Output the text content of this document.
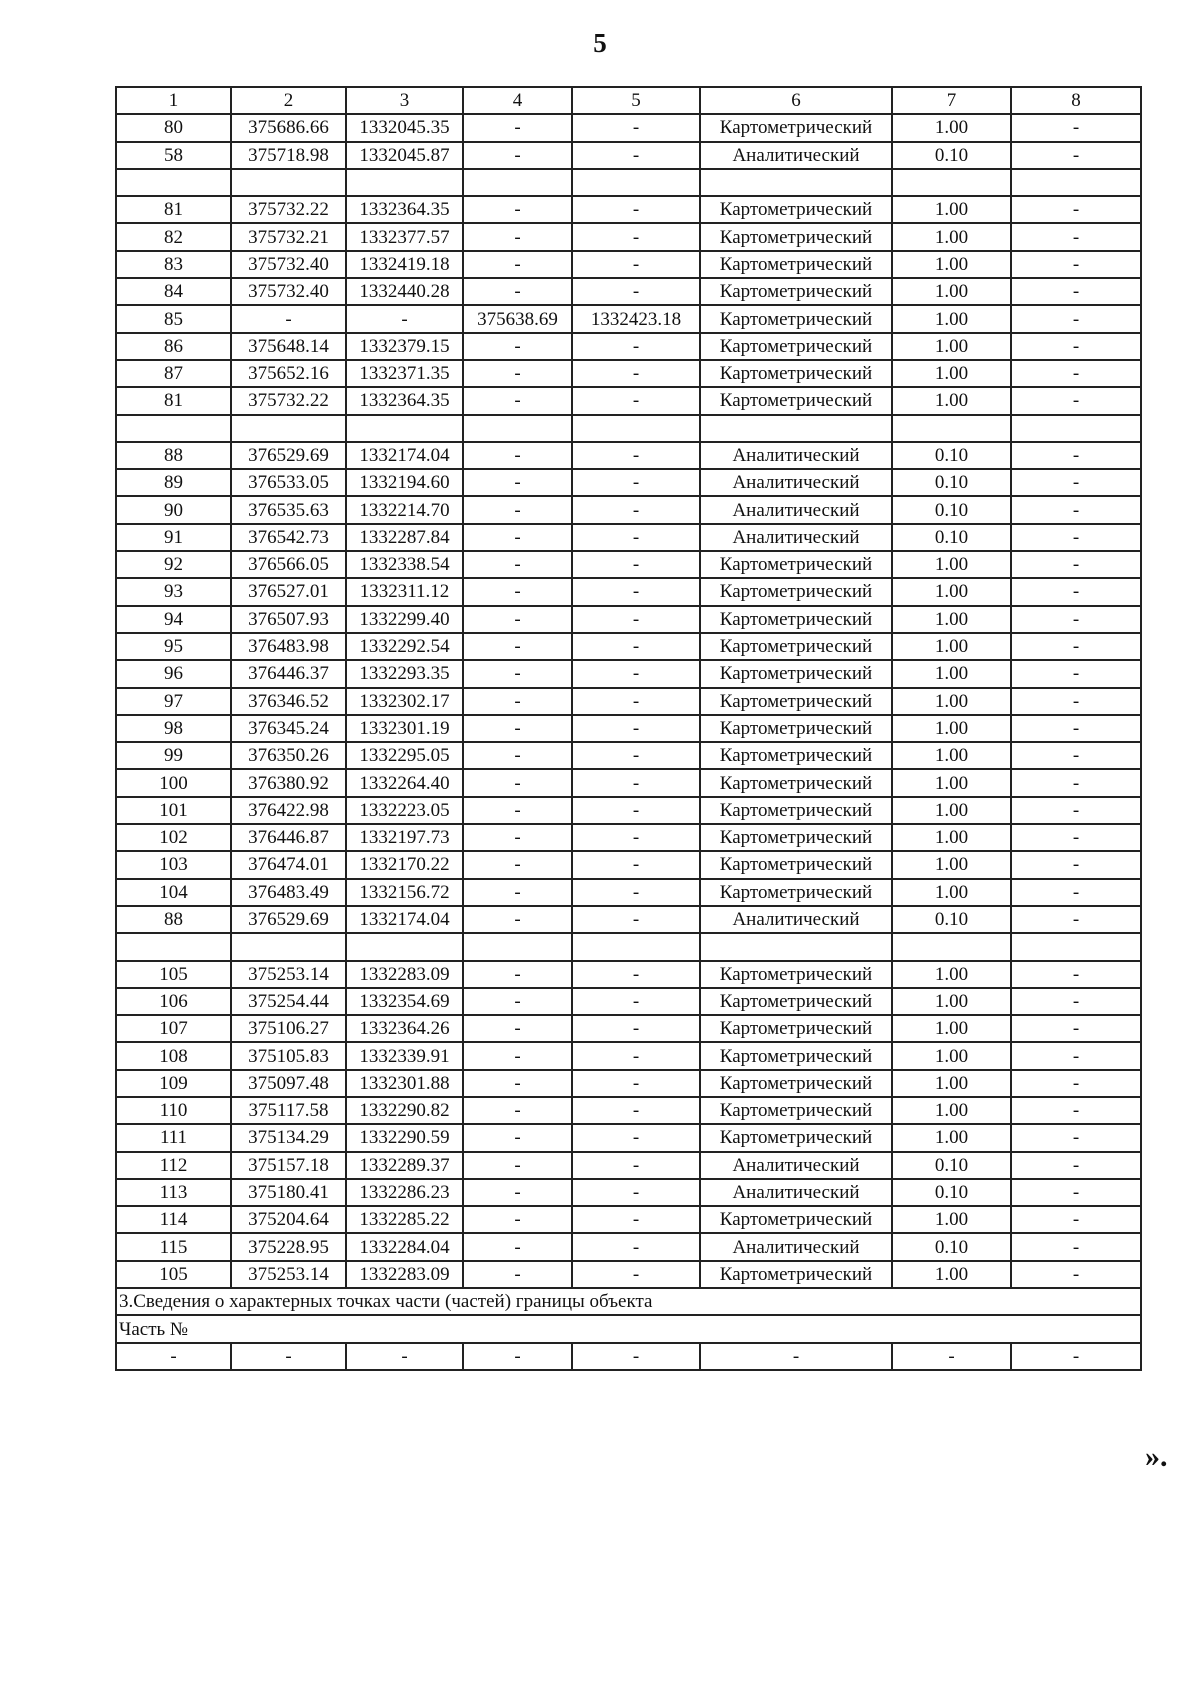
5
1	2	3	4	5	6	7	8
80	375686.66	1332045.35	-	-	Картометрический	1.00	-
58	375718.98	1332045.87	-	-	Аналитический	0.10	-

81	375732.22	1332364.35	-	-	Картометрический	1.00	-
82	375732.21	1332377.57	-	-	Картометрический	1.00	-
83	375732.40	1332419.18	-	-	Картометрический	1.00	-
84	375732.40	1332440.28	-	-	Картометрический	1.00	-
85	-	-	375638.69	1332423.18	Картометрический	1.00	-
86	375648.14	1332379.15	-	-	Картометрический	1.00	-
87	375652.16	1332371.35	-	-	Картометрический	1.00	-
81	375732.22	1332364.35	-	-	Картометрический	1.00	-

88	376529.69	1332174.04	-	-	Аналитический	0.10	-
89	376533.05	1332194.60	-	-	Аналитический	0.10	-
90	376535.63	1332214.70	-	-	Аналитический	0.10	-
91	376542.73	1332287.84	-	-	Аналитический	0.10	-
92	376566.05	1332338.54	-	-	Картометрический	1.00	-
93	376527.01	1332311.12	-	-	Картометрический	1.00	-
94	376507.93	1332299.40	-	-	Картометрический	1.00	-
95	376483.98	1332292.54	-	-	Картометрический	1.00	-
96	376446.37	1332293.35	-	-	Картометрический	1.00	-
97	376346.52	1332302.17	-	-	Картометрический	1.00	-
98	376345.24	1332301.19	-	-	Картометрический	1.00	-
99	376350.26	1332295.05	-	-	Картометрический	1.00	-
100	376380.92	1332264.40	-	-	Картометрический	1.00	-
101	376422.98	1332223.05	-	-	Картометрический	1.00	-
102	376446.87	1332197.73	-	-	Картометрический	1.00	-
103	376474.01	1332170.22	-	-	Картометрический	1.00	-
104	376483.49	1332156.72	-	-	Картометрический	1.00	-
88	376529.69	1332174.04	-	-	Аналитический	0.10	-

105	375253.14	1332283.09	-	-	Картометрический	1.00	-
106	375254.44	1332354.69	-	-	Картометрический	1.00	-
107	375106.27	1332364.26	-	-	Картометрический	1.00	-
108	375105.83	1332339.91	-	-	Картометрический	1.00	-
109	375097.48	1332301.88	-	-	Картометрический	1.00	-
110	375117.58	1332290.82	-	-	Картометрический	1.00	-
111	375134.29	1332290.59	-	-	Картометрический	1.00	-
112	375157.18	1332289.37	-	-	Аналитический	0.10	-
113	375180.41	1332286.23	-	-	Аналитический	0.10	-
114	375204.64	1332285.22	-	-	Картометрический	1.00	-
115	375228.95	1332284.04	-	-	Аналитический	0.10	-
105	375253.14	1332283.09	-	-	Картометрический	1.00	-
3.Сведения о характерных точках части (частей) границы объекта							
Часть №							
-	-	-	-	-	-	-	-
».
